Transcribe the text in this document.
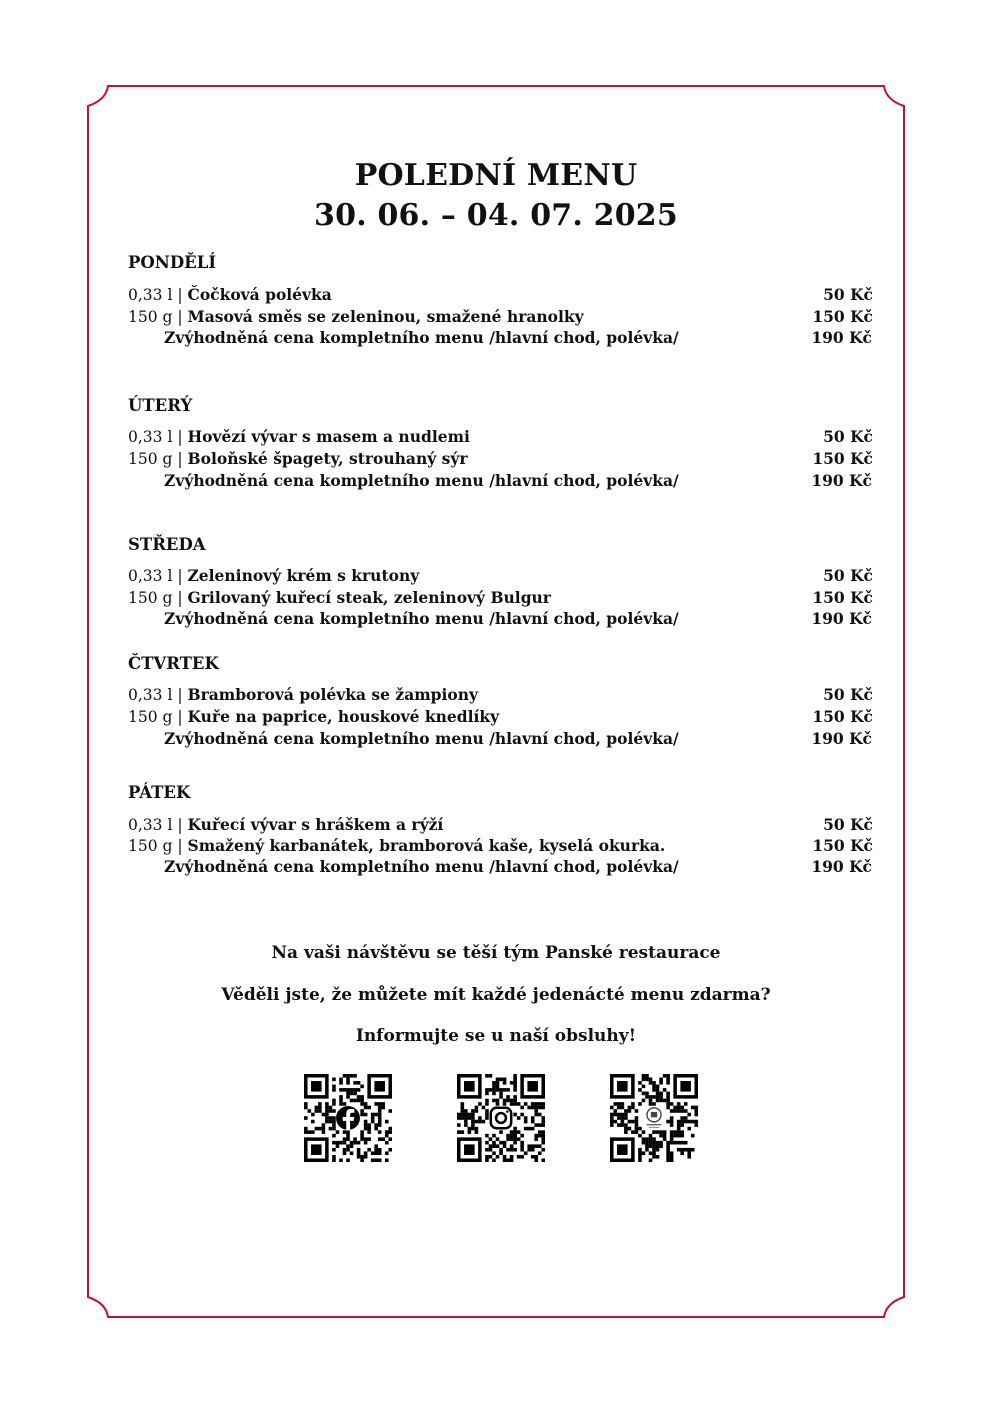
POLEDNÍ MENU
30. 06. – 04. 07. 2025
PONDĚLÍ
0,33 l | Čočková polévka	50 Kč
150 g | Masová směs se zeleninou, smažené hranolky	150 Kč
Zvýhodněná cena kompletního menu /hlavní chod, polévka/	190 Kč
ÚTERÝ
0,33 l | Hovězí vývar s masem a nudlemi	50 Kč
150 g | Boloňské špagety, strouhaný sýr	150 Kč
Zvýhodněná cena kompletního menu /hlavní chod, polévka/	190 Kč
STŘEDA
0,33 l | Zeleninový krém s krutony	50 Kč
150 g | Grilovaný kuřecí steak, zeleninový Bulgur	150 Kč
Zvýhodněná cena kompletního menu /hlavní chod, polévka/	190 Kč
ČTVRTEK
0,33 l | Bramborová polévka se žampiony	50 Kč
150 g | Kuře na paprice, houskové knedlíky	150 Kč
Zvýhodněná cena kompletního menu /hlavní chod, polévka/	190 Kč
PÁTEK
0,33 l | Kuřecí vývar s hráškem a rýží	50 Kč
150 g | Smažený karbanátek, bramborová kaše, kyselá okurka.	150 Kč
Zvýhodněná cena kompletního menu /hlavní chod, polévka/	190 Kč
Na vaši návštěvu se těší tým Panské restaurace
Věděli jste, že můžete mít každé jedenácté menu zdarma?
Informujte se u naší obsluhy!
